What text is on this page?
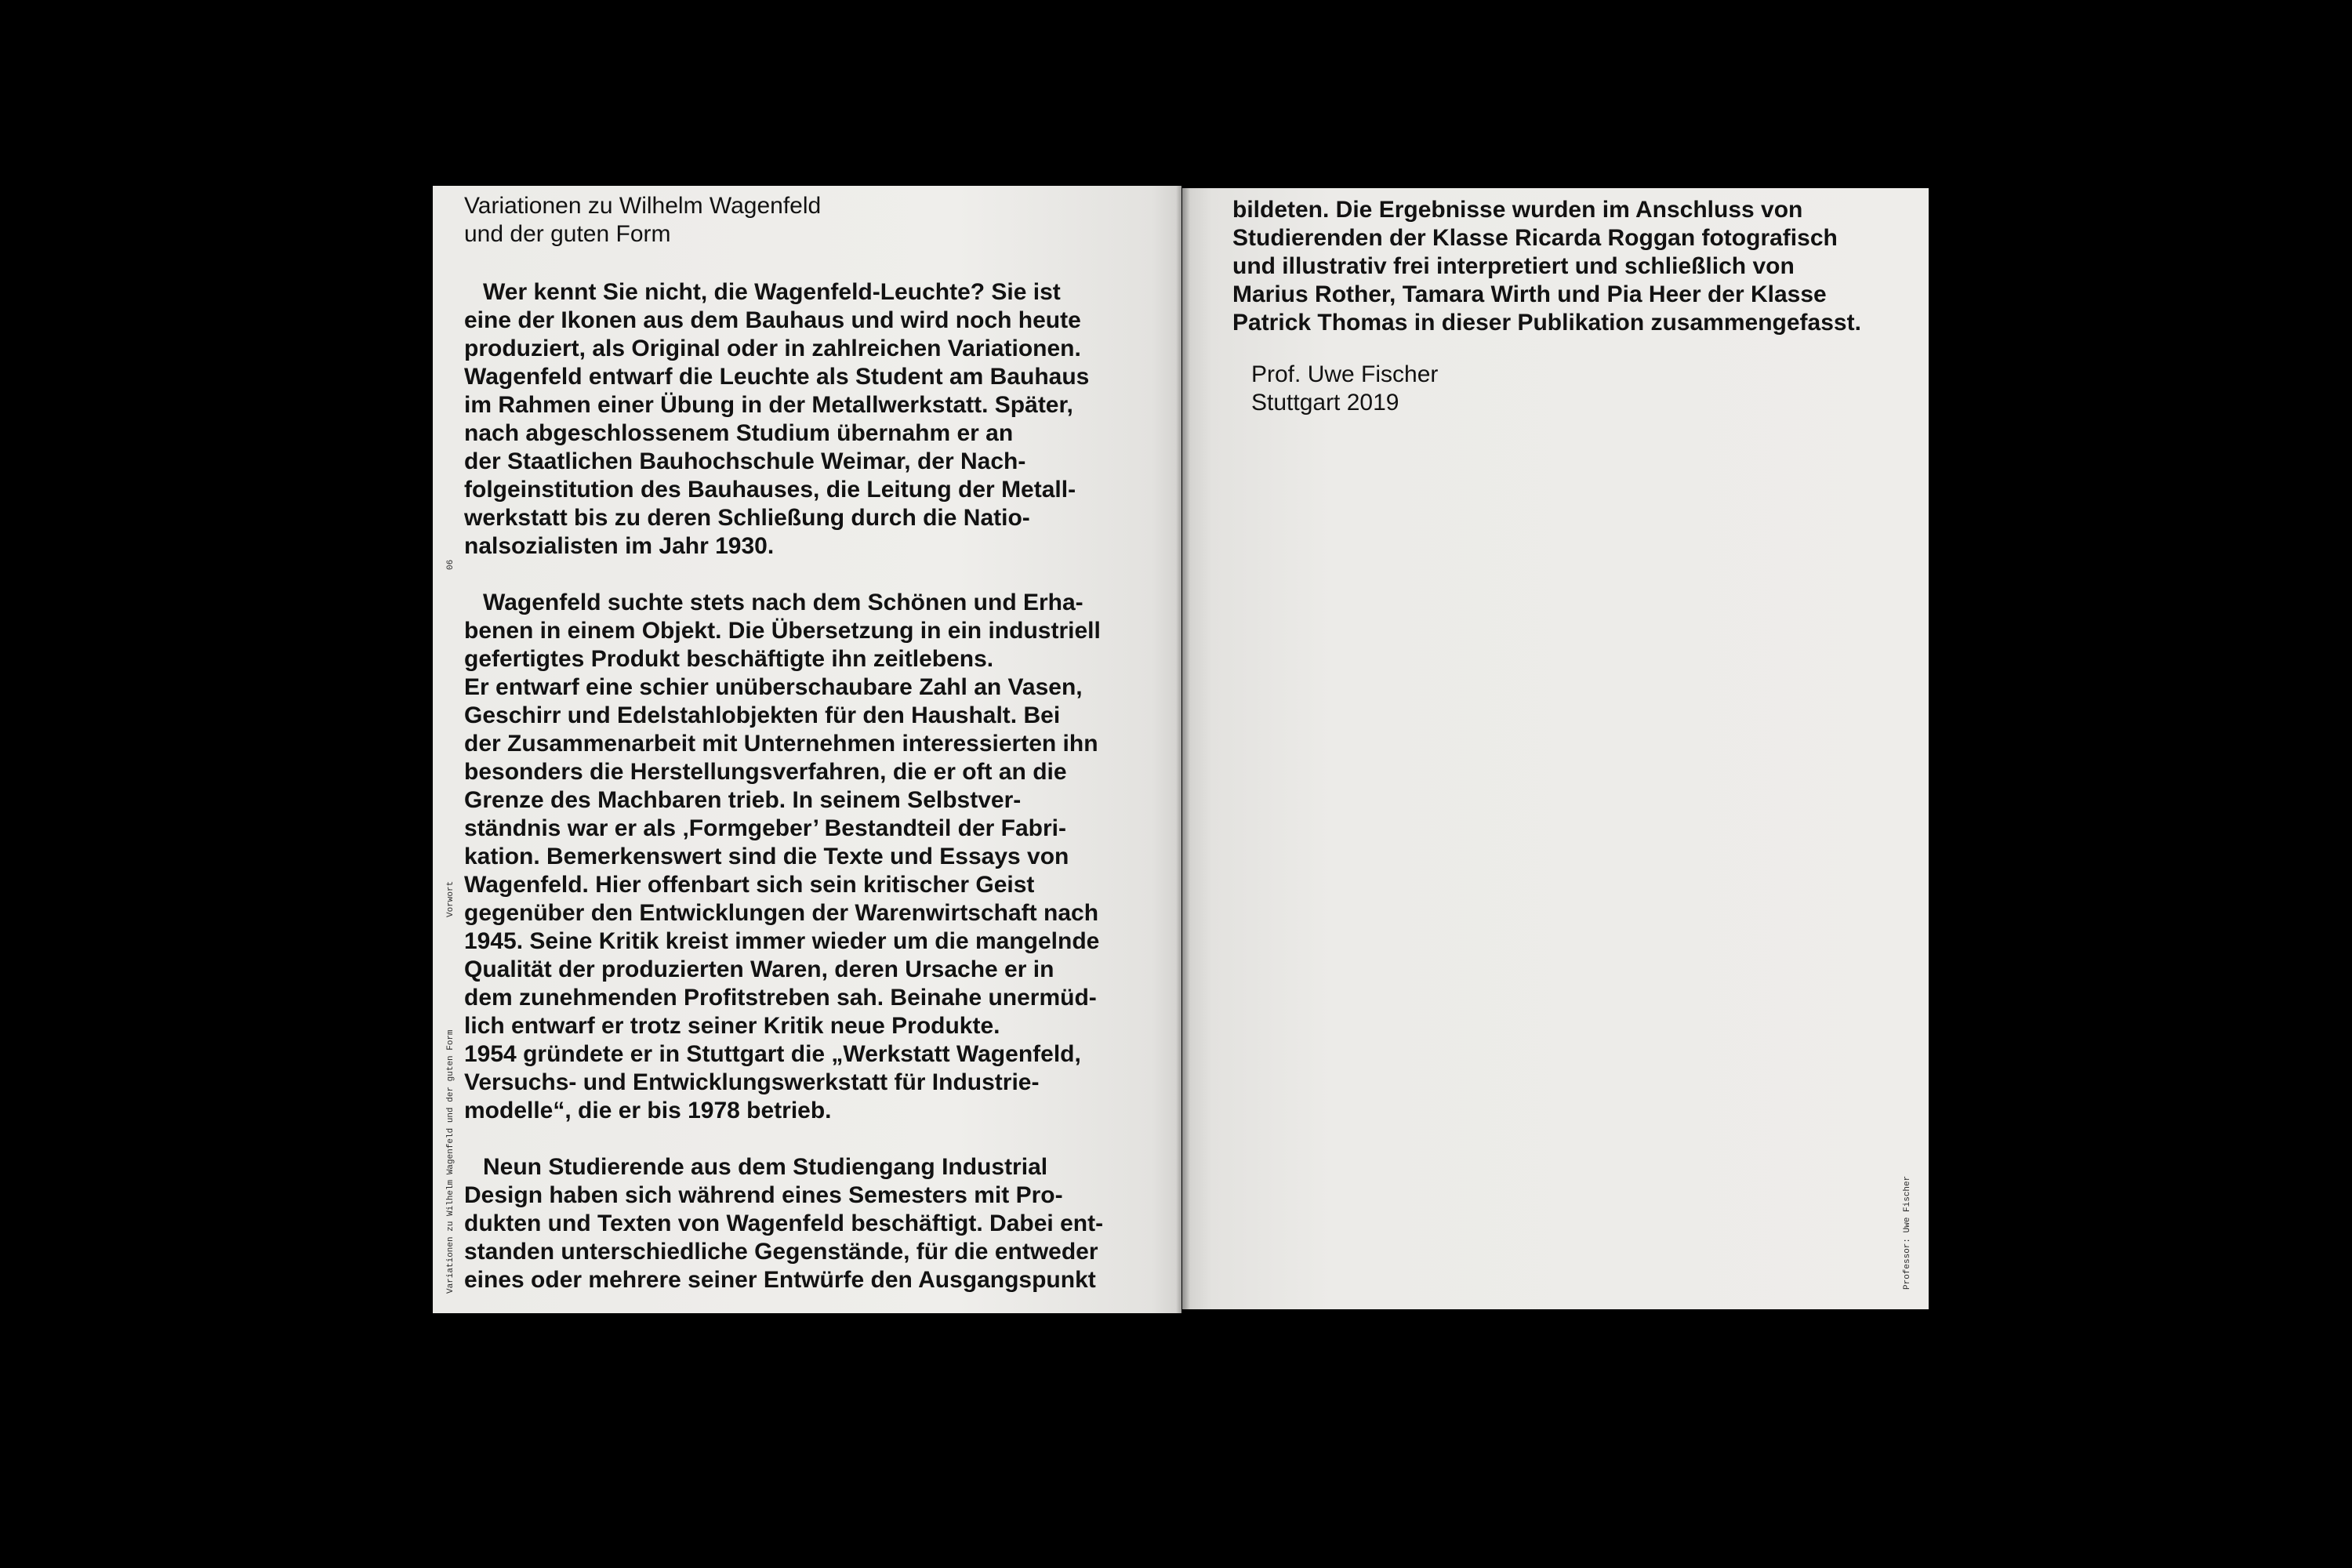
Variationen zu Wilhelm Wagenfeld
und der guten Form
Wer kennt Sie nicht, die Wagenfeld-Leuchte? Sie ist
eine der Ikonen aus dem Bauhaus und wird noch heute
produziert, als Original oder in zahlreichen Variationen.
Wagenfeld entwarf die Leuchte als Student am Bauhaus
im Rahmen einer Übung in der Metallwerkstatt. Später,
nach abgeschlossenem Studium übernahm er an
der Staatlichen Bauhochschule Weimar, der Nach-
folgeinstitution des Bauhauses, die Leitung der Metall-
werkstatt bis zu deren Schließung durch die Natio-
nalsozialisten im Jahr 1930.
Wagenfeld suchte stets nach dem Schönen und Erha-
benen in einem Objekt. Die Übersetzung in ein industriell
gefertigtes Produkt beschäftigte ihn zeitlebens.
Er entwarf eine schier unüberschaubare Zahl an Vasen,
Geschirr und Edelstahlobjekten für den Haushalt. Bei
der Zusammenarbeit mit Unternehmen interessierten ihn
besonders die Herstellungsverfahren, die er oft an die
Grenze des Machbaren trieb. In seinem Selbstver-
ständnis war er als ‚Formgeber’ Bestandteil der Fabri-
kation. Bemerkenswert sind die Texte und Essays von
Wagenfeld. Hier offenbart sich sein kritischer Geist
gegenüber den Entwicklungen der Warenwirtschaft nach
1945. Seine Kritik kreist immer wieder um die mangelnde
Qualität der produzierten Waren, deren Ursache er in
dem zunehmenden Profitstreben sah. Beinahe unermüd-
lich entwarf er trotz seiner Kritik neue Produkte.
1954 gründete er in Stuttgart die „Werkstatt Wagenfeld,
Versuchs- und Entwicklungswerkstatt für Industrie-
modelle“, die er bis 1978 betrieb.
Neun Studierende aus dem Studiengang Industrial
Design haben sich während eines Semesters mit Pro-
dukten und Texten von Wagenfeld beschäftigt. Dabei ent-
standen unterschiedliche Gegenstände, für die entweder
eines oder mehrere seiner Entwürfe den Ausgangspunkt
06
Vorwort
Variationen zu Wilhelm Wagenfeld und der guten Form
bildeten. Die Ergebnisse wurden im Anschluss von
Studierenden der Klasse Ricarda Roggan fotografisch
und illustrativ frei interpretiert und schließlich von
Marius Rother, Tamara Wirth und Pia Heer der Klasse
Patrick Thomas in dieser Publikation zusammengefasst.
Prof. Uwe Fischer
Stuttgart 2019
Professor: Uwe Fischer
